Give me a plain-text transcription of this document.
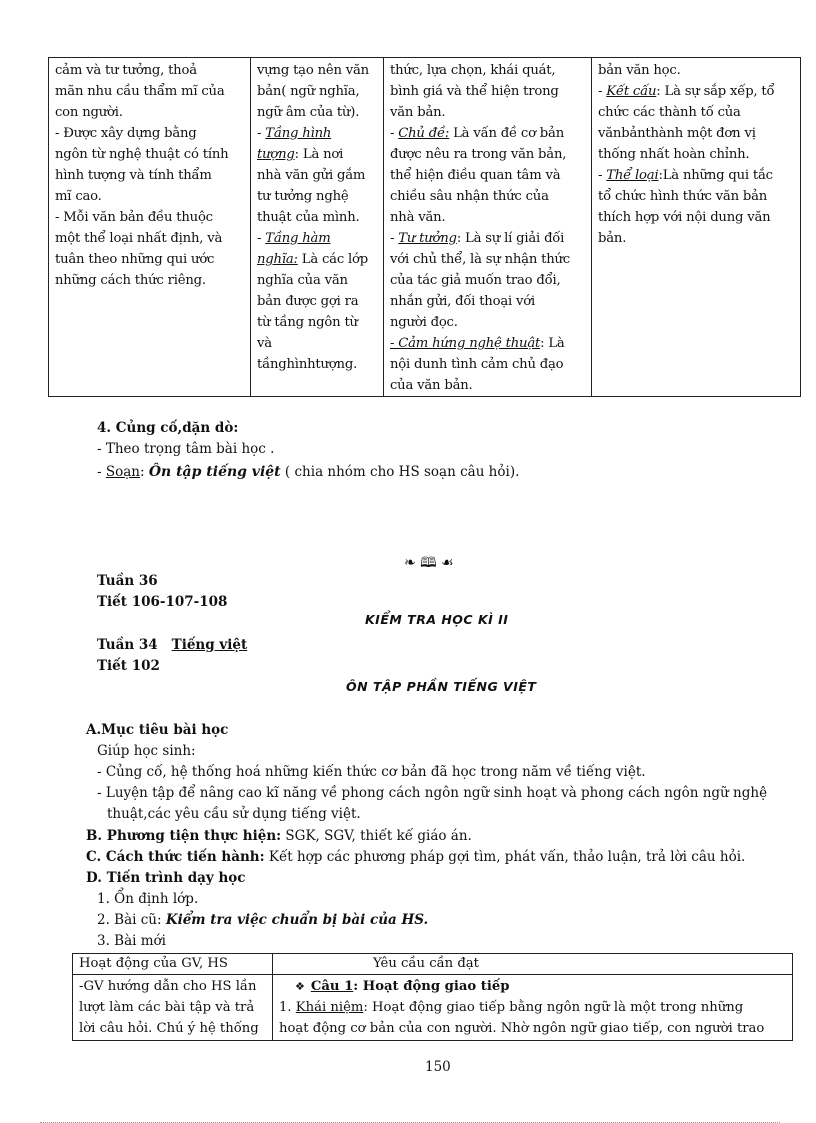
cảm và tư tưởng, thoả
mãn nhu cầu thẩm mĩ của
con người.
- Được xây dựng bằng
ngôn từ nghệ thuật có tính
hình tượng và tính thẩm
mĩ cao.
- Mỗi văn bản đều thuộc
một thể loại nhất định, và
tuân theo những qui ước
những cách thức riêng.

vựng tạo nên văn
bản( ngữ nghĩa,
ngữ âm của từ).
- Tầng hình
tượng: Là nơi
nhà văn gửi gắm
tư tưởng nghệ
thuật của mình.
- Tầng hàm
nghĩa: Là các lớp
nghĩa của văn
bản được gợi ra
từ tầng ngôn từ
và
tầnghìnhtượng.

thức, lựa chọn, khái quát,
bình giá và thể hiện trong
văn bản.
- Chủ đề: Là vấn đề cơ bản
được nêu ra trong văn bản,
thể hiện điều quan tâm và
chiều sâu nhận thức của
nhà văn.
- Tư tưởng: Là sự lí giải đối
với chủ thể, là sự nhận thức
của tác giả muốn trao đổi,
nhắn gửi, đối thoại với
người đọc.
- Cảm hứng nghệ thuật: Là
nội dunh tình cảm chủ đạo
của văn bản.

bản văn học.
- Kết cấu: Là sự sắp xếp, tổ
chức các thành tố của
vănbảnthành một đơn vị
thống nhất hoàn chỉnh.
- Thể loại:Là những qui tắc
tổ chức hình thức văn bản
thích hợp với nội dung văn
bản.
4. Củng cố,dặn dò:
- Theo trọng tâm bài học .
- Soạn: Ôn tập tiếng việt ( chia nhóm cho HS soạn câu hỏi).
❧ 🕮 ☙
Tuần 36
Tiết 106-107-108
KIỂM TRA HỌC KÌ II
Tuần 34 Tiếng việt
Tiết 102
ÔN TẬP PHẦN TIẾNG VIỆT
A.Mục tiêu bài học
Giúp học sinh:
- Củng cố, hệ thống hoá những kiến thức cơ bản đã học trong năm về tiếng việt.
- Luyện tập để nâng cao kĩ năng về phong cách ngôn ngữ sinh hoạt và phong cách ngôn ngữ nghệ
thuật,các yêu cầu sử dụng tiếng việt.
B. Phương tiện thực hiện: SGK, SGV, thiết kế giáo án.
C. Cách thức tiến hành: Kết hợp các phương pháp gợi tìm, phát vấn, thảo luận, trả lời câu hỏi.
D. Tiến trình dạy học
1. Ổn định lớp.
2. Bài cũ: Kiểm tra việc chuẩn bị bài của HS.
3. Bài mới
Hoạt động của GV, HS	Yêu cầu cần đạt

-GV hướng dẫn cho HS lần
lượt làm các bài tập và trả
lời câu hỏi. Chú ý hệ thống	❖ Câu 1: Hoạt động giao tiếp
1. Khái niệm: Hoạt động giao tiếp bằng ngôn ngữ là một trong những
hoạt động cơ bản của con người. Nhờ ngôn ngữ giao tiếp, con người trao
150
